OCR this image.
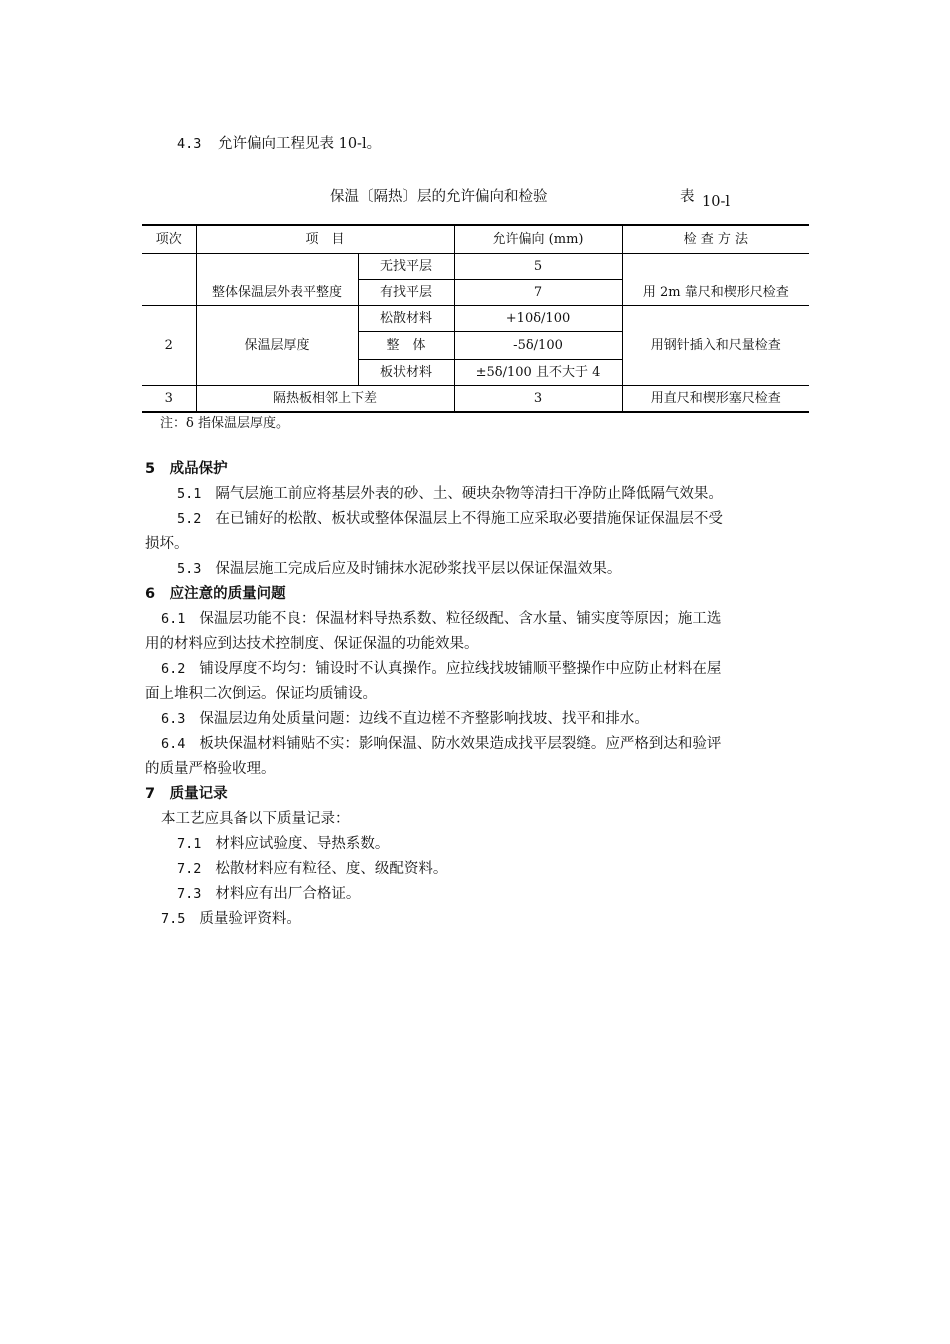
4.3 允许偏向工程见表 10-l。
保温〔隔热〕层的允许偏向和检验	表 10-l
项次	项　目		允许偏向 (mm)	检 查 方 法
	整体保温层外表平整度	无找平层	5	用 2m 靠尺和楔形尺检查
		有找平层	7	
2	保温层厚度	松散材料	+10δ/100	用钢针插入和尺量检查
		整　体	-5δ/100	
		板状材料	±5δ/100 且不大于 4	
3	隔热板相邻上下差		3	用直尺和楔形塞尺检查
注：δ 指保温层厚度。
5　成品保护
5.1 隔气层施工前应将基层外表的砂、土、硬块杂物等清扫干净防止降低隔气效果。
5.2 在已铺好的松散、板状或整体保温层上不得施工应采取必要措施保证保温层不受
损坏。
5.3 保温层施工完成后应及时铺抹水泥砂浆找平层以保证保温效果。
6　应注意的质量问题
6.1 保温层功能不良：保温材料导热系数、粒径级配、含水量、铺实度等原因；施工选
用的材料应到达技术控制度、保证保温的功能效果。
6.2 铺设厚度不均匀：铺设时不认真操作。应拉线找坡铺顺平整操作中应防止材料在屋
面上堆积二次倒运。保证均质铺设。
6.3 保温层边角处质量问题：边线不直边槎不齐整影响找坡、找平和排水。
6.4 板块保温材料铺贴不实：影响保温、防水效果造成找平层裂缝。应严格到达和验评
的质量严格验收理。
7　质量记录
本工艺应具备以下质量记录：
7.1 材料应试验度、导热系数。
7.2 松散材料应有粒径、度、级配资料。
7.3 材料应有出厂合格证。
7.5 质量验评资料。
